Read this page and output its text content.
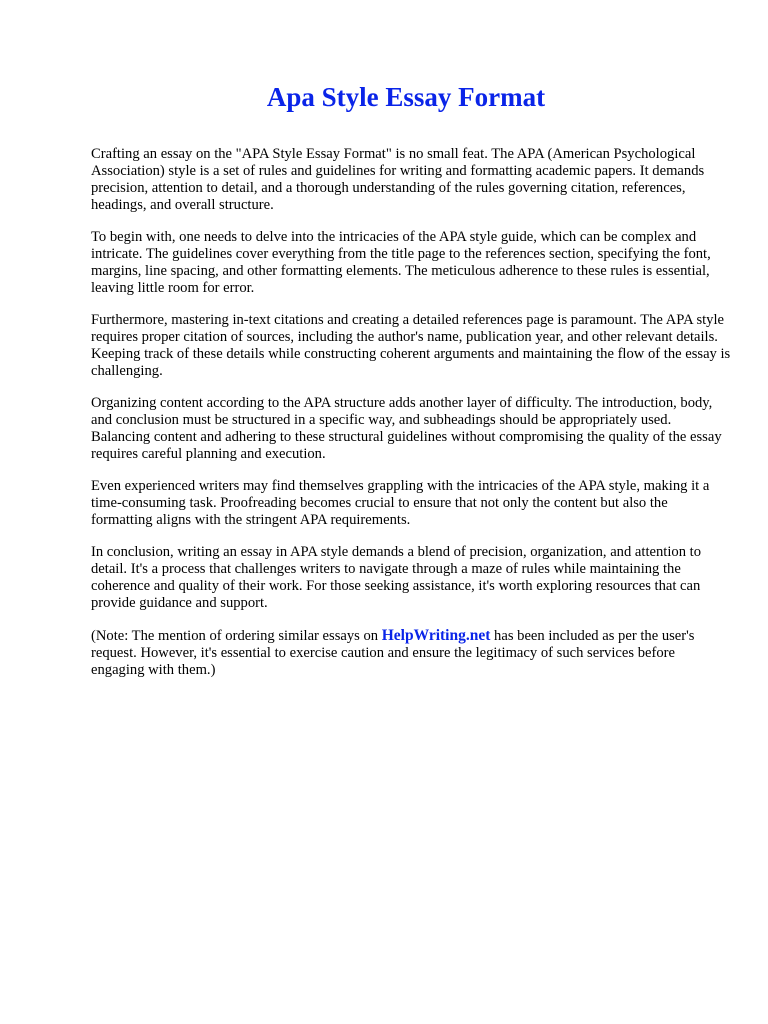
Apa Style Essay Format

Crafting an essay on the "APA Style Essay Format" is no small feat. The APA (American Psychological Association) style is a set of rules and guidelines for writing and formatting academic papers. It demands precision, attention to detail, and a thorough understanding of the rules governing citation, references, headings, and overall structure.

To begin with, one needs to delve into the intricacies of the APA style guide, which can be complex and intricate. The guidelines cover everything from the title page to the references section, specifying the font, margins, line spacing, and other formatting elements. The meticulous adherence to these rules is essential, leaving little room for error.

Furthermore, mastering in-text citations and creating a detailed references page is paramount. The APA style requires proper citation of sources, including the author's name, publication year, and other relevant details. Keeping track of these details while constructing coherent arguments and maintaining the flow of the essay is challenging.

Organizing content according to the APA structure adds another layer of difficulty. The introduction, body, and conclusion must be structured in a specific way, and subheadings should be appropriately used. Balancing content and adhering to these structural guidelines without compromising the quality of the essay requires careful planning and execution.

Even experienced writers may find themselves grappling with the intricacies of the APA style, making it a time-consuming task. Proofreading becomes crucial to ensure that not only the content but also the formatting aligns with the stringent APA requirements.

In conclusion, writing an essay in APA style demands a blend of precision, organization, and attention to detail. It's a process that challenges writers to navigate through a maze of rules while maintaining the coherence and quality of their work. For those seeking assistance, it's worth exploring resources that can provide guidance and support.

(Note: The mention of ordering similar essays on HelpWriting.net has been included as per the user's request. However, it's essential to exercise caution and ensure the legitimacy of such services before engaging with them.)
